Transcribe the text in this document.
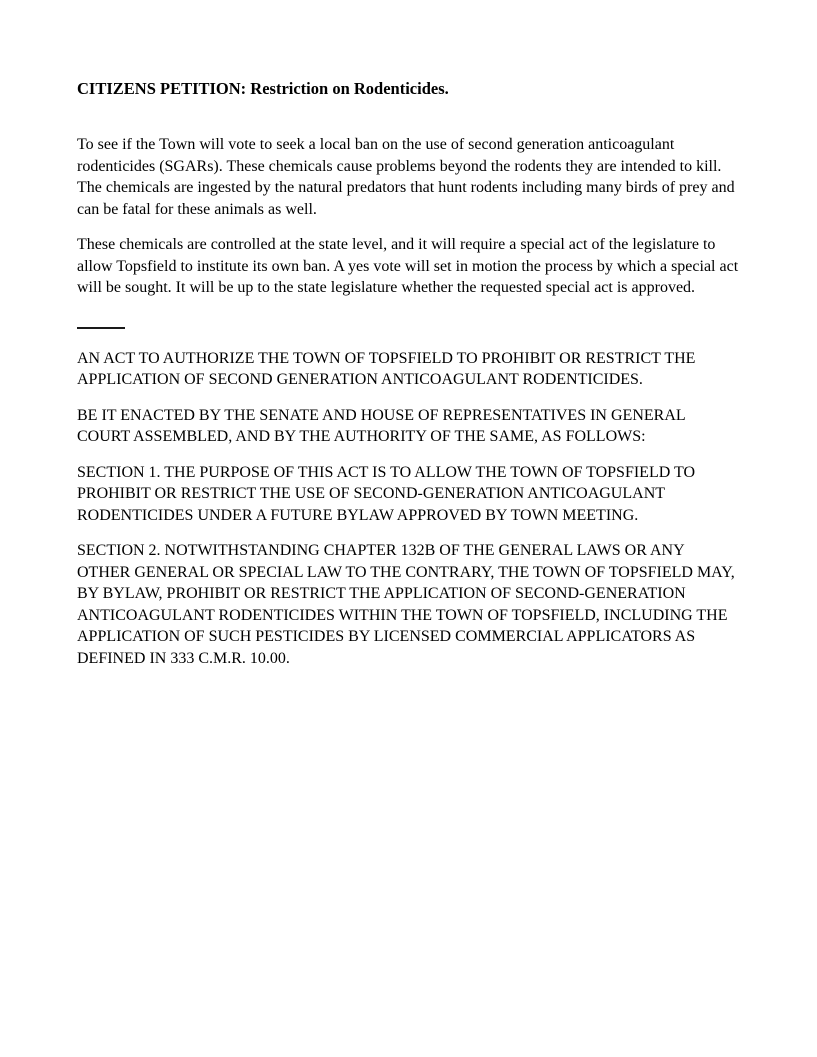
CITIZENS PETITION: Restriction on Rodenticides.

To see if the Town will vote to seek a local ban on the use of second generation anticoagulant rodenticides (SGARs). These chemicals cause problems beyond the rodents they are intended to kill. The chemicals are ingested by the natural predators that hunt rodents including many birds of prey and can be fatal for these animals as well.

These chemicals are controlled at the state level, and it will require a special act of the legislature to allow Topsfield to institute its own ban. A yes vote will set in motion the process by which a special act will be sought. It will be up to the state legislature whether the requested special act is approved.

AN ACT TO AUTHORIZE THE TOWN OF TOPSFIELD TO PROHIBIT OR RESTRICT THE APPLICATION OF SECOND GENERATION ANTICOAGULANT RODENTICIDES.

BE IT ENACTED BY THE SENATE AND HOUSE OF REPRESENTATIVES IN GENERAL COURT ASSEMBLED, AND BY THE AUTHORITY OF THE SAME, AS FOLLOWS:

SECTION 1. THE PURPOSE OF THIS ACT IS TO ALLOW THE TOWN OF TOPSFIELD TO PROHIBIT OR RESTRICT THE USE OF SECOND-GENERATION ANTICOAGULANT RODENTICIDES UNDER A FUTURE BYLAW APPROVED BY TOWN MEETING.

SECTION 2. NOTWITHSTANDING CHAPTER 132B OF THE GENERAL LAWS OR ANY OTHER GENERAL OR SPECIAL LAW TO THE CONTRARY, THE TOWN OF TOPSFIELD MAY, BY BYLAW, PROHIBIT OR RESTRICT THE APPLICATION OF SECOND-GENERATION ANTICOAGULANT RODENTICIDES WITHIN THE TOWN OF TOPSFIELD, INCLUDING THE APPLICATION OF SUCH PESTICIDES BY LICENSED COMMERCIAL APPLICATORS AS DEFINED IN 333 C.M.R. 10.00.
